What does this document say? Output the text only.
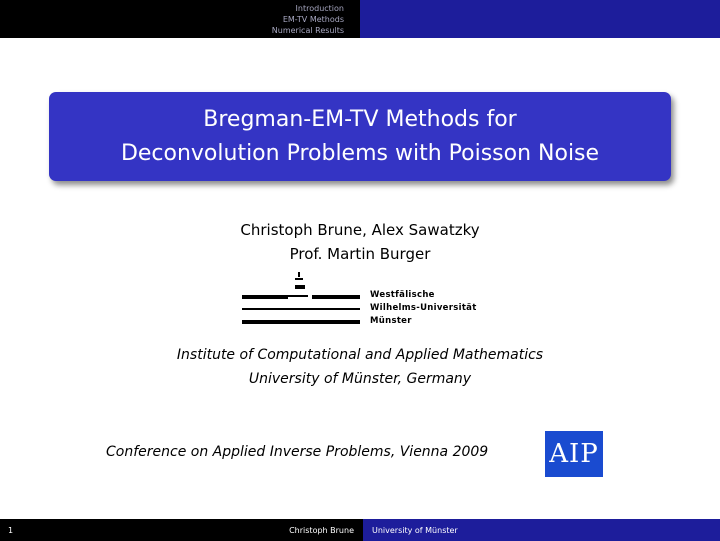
Introduction
EM-TV Methods
Numerical Results
Bregman-EM-TV Methods for
Deconvolution Problems with Poisson Noise
Christoph Brune, Alex Sawatzky
Prof. Martin Burger
Westfälische
Wilhelms-Universität
Münster
Institute of Computational and Applied Mathematics
University of Münster, Germany
Conference on Applied Inverse Problems, Vienna 2009 AIP
1	Christoph Brune University of Münster
